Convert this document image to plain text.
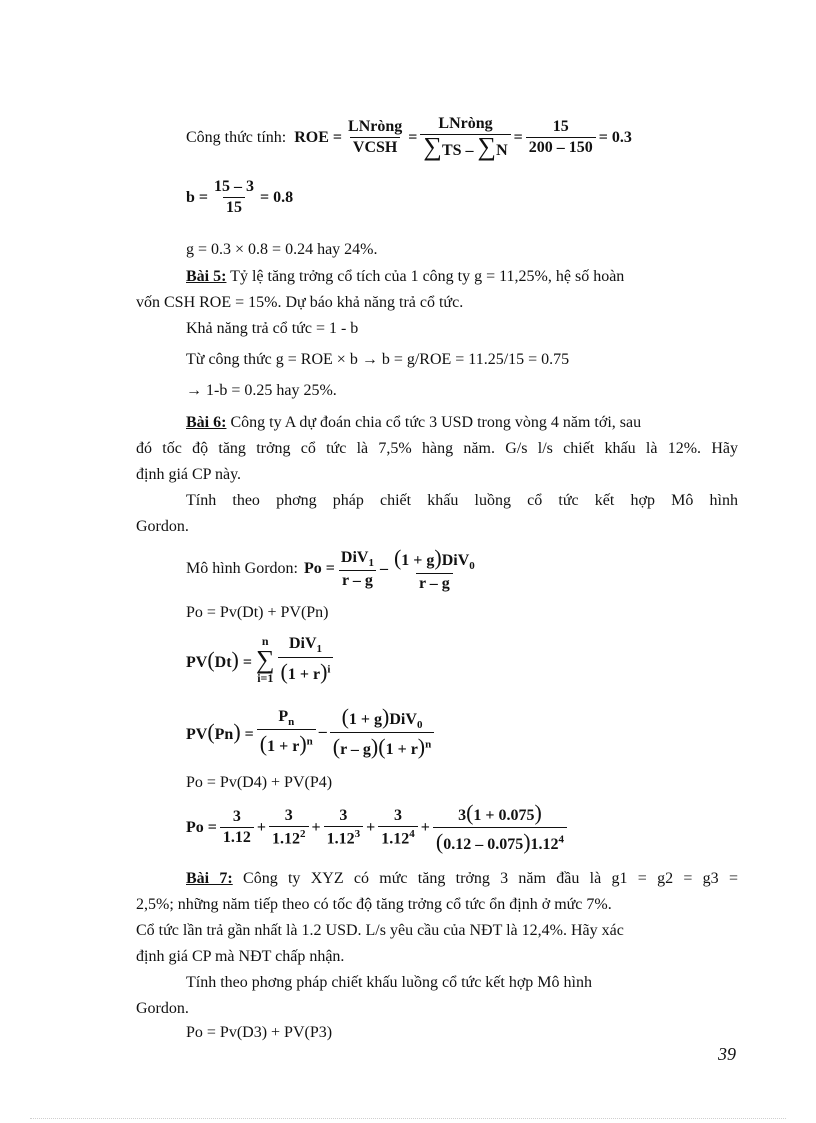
Công thức tính: ROE = $\frac{\text{LNròng}}{\text{VCSH}} = \frac{\text{LNròng}}{\sum TS - \sum N} = \frac{15}{200 - 150} = 0.3$
$b = \frac{15 - 3}{15} = 0.8$
g = 0.3 × 0.8 = 0.24 hay 24%.
Bài 5: Tỷ lệ tăng trởng cổ tích của 1 công ty g = 11,25%, hệ số hoàn
vốn CSH ROE = 15%. Dự báo khả năng trả cổ tức.
Khả năng trả cổ tức = 1 - b
Từ công thức g = ROE × b → b = g/ROE = 11.25/15 = 0.75
→ 1-b = 0.25 hay 25%.
Bài 6: Công ty A dự đoán chia cổ tức 3 USD trong vòng 4 năm tới, sau
đó tốc độ tăng trởng cổ tức là 7,5% hàng năm. G/s l/s chiết khấu là 12%. Hãy
định giá CP này.
Tính theo phơng pháp chiết khấu luồng cổ tức kết hợp Mô hình
Gordon.
Mô hình Gordon: $Po = \frac{DiV_1}{r - g} - \frac{(1 + g)DiV_0}{r - g}$
Po = Pv(Dt) + PV(Pn)
PV(Dt) =
n
∑
$i=1 \frac{DiV_1}{(1 + r)^i}$
$PV(Pn) = \frac{P_n}{(1 + r)^n} - \frac{(1 + g)DiV_0}{(r - g)(1 + r)^n}$
Po = Pv(D4) + PV(P4)
$Po = \frac{3}{1.12} + \frac{3}{1.12^2} + \frac{3}{1.12^3} + \frac{3}{1.12^4} + \frac{3(1 + 0.075)}{(0.12 - 0.075)1.12^4}$
Bài 7: Công ty XYZ có mức tăng trởng 3 năm đầu là g1 = g2 = g3 =
2,5%; những năm tiếp theo có tốc độ tăng trởng cổ tức ổn định ở mức 7%.
Cổ tức lần trả gần nhất là 1.2 USD. L/s yêu cầu của NĐT là 12,4%. Hãy xác
định giá CP mà NĐT chấp nhận.
Tính theo phơng pháp chiết khấu luồng cổ tức kết hợp Mô hình
Gordon.
Po = Pv(D3) + PV(P3)
39
